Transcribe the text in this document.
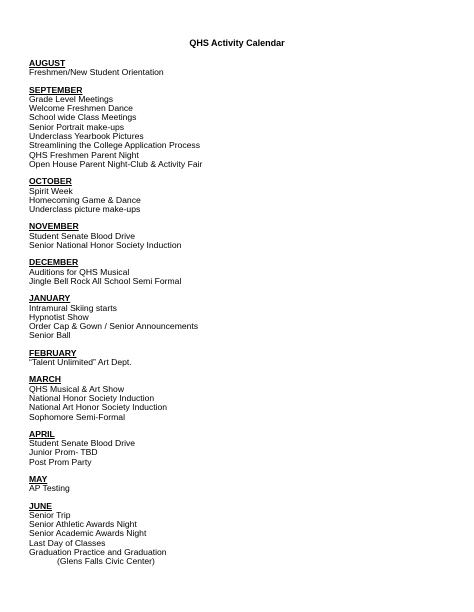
QHS Activity Calendar
AUGUST
Freshmen/New Student Orientation
SEPTEMBER
Grade Level Meetings
Welcome Freshmen Dance
School wide Class Meetings
Senior Portrait make-ups
Underclass Yearbook Pictures
Streamlining the College Application Process
QHS Freshmen Parent Night
Open House Parent Night-Club & Activity Fair
OCTOBER
Spirit Week
Homecoming Game & Dance
Underclass picture make-ups
NOVEMBER
Student Senate Blood Drive
Senior National Honor Society Induction
DECEMBER
Auditions for QHS Musical
Jingle Bell Rock All School Semi Formal
JANUARY
Intramural Skiing starts
Hypnotist Show
Order Cap & Gown / Senior Announcements
Senior Ball
FEBRUARY
“Talent Unlimited” Art Dept.
MARCH
QHS Musical & Art Show
National Honor Society Induction
National Art Honor Society Induction
Sophomore Semi-Formal
APRIL
Student Senate Blood Drive
Junior Prom- TBD
Post Prom Party
MAY
AP Testing
JUNE
Senior Trip
Senior Athletic Awards Night
Senior Academic Awards Night
Last Day of Classes
Graduation Practice and Graduation
(Glens Falls Civic Center)
